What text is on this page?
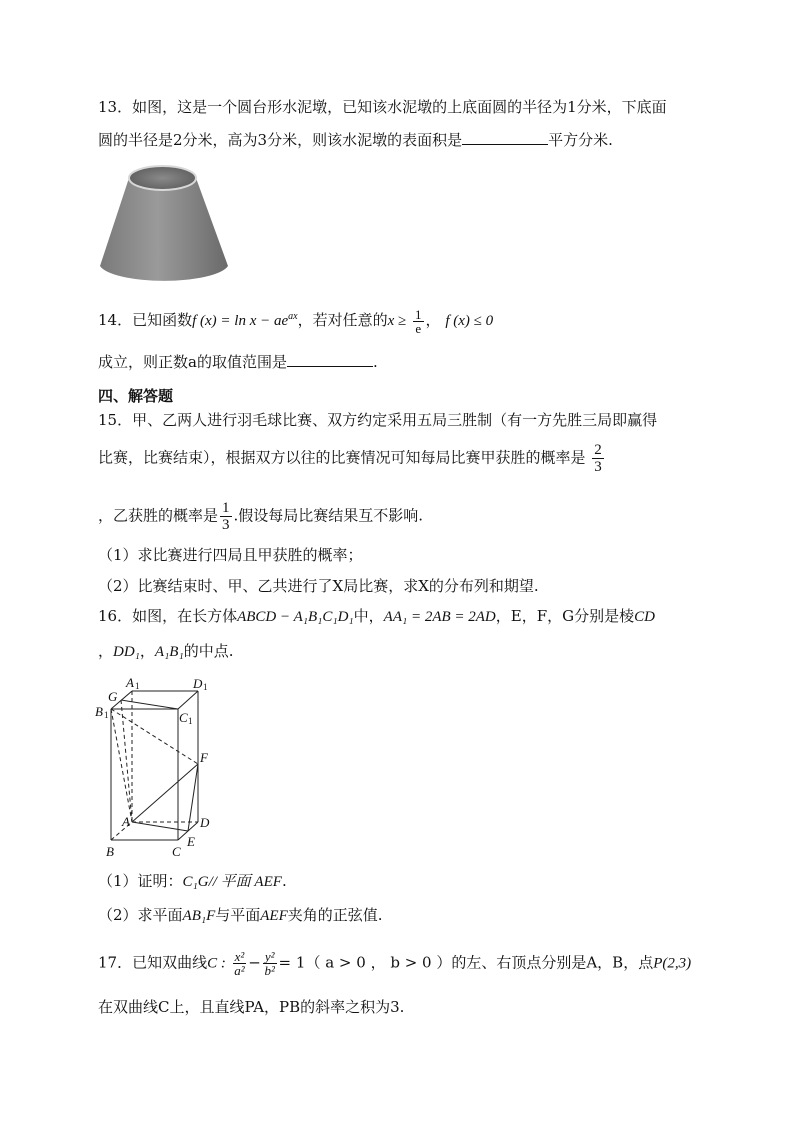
13．如图，这是一个圆台形水泥墩，已知该水泥墩的上底面圆的半径为1分米，下底面
圆的半径是2分米，高为3分米，则该水泥墩的表面积是	平方分米.
14．已知函数f $(x) = \ln x - ae^{ax}$，若对任意的$x \ge \frac{1}{e}$ ， f (x) ≤ 0
成立，则正数a的取值范围是	.
四、解答题
15．甲、乙两人进行羽毛球比赛、双方约定采用五局三胜制（有一方先胜三局即赢得
比赛，比赛结束），根据双方以往的比赛情况可知每局比赛甲获胜的概率是 $\frac{2}{3}$
，乙获胜的概率是 $\frac{1}{3}$ .假设每局比赛结果互不影响.
（1）求比赛进行四局且甲获胜的概率；
（2）比赛结束时、甲、乙共进行了X局比赛，求X的分布列和期望.
16．如图，在长方体ABCD − A₁B₁C₁D₁中，AA₁ = 2AB = 2AD，E，F，G分别是棱CD
，DD₁，A₁B₁的中点.
A 1	D 1
G
B 1	C 1
F
A	D
E
B	C
（1）证明：C₁G// 平面 AEF.
（2）求平面AB₁F与平面AEF夹角的正弦值.
17．已知双曲线C : $\frac{\text{x²}}{\text{a²}} - \frac{\text{y²}}{\text{b²}} = 1$（ a > 0 ， b > 0 ）的左、右顶点分别是A，B，点P(2,3)
在双曲线C上，且直线PA，PB的斜率之积为3.
